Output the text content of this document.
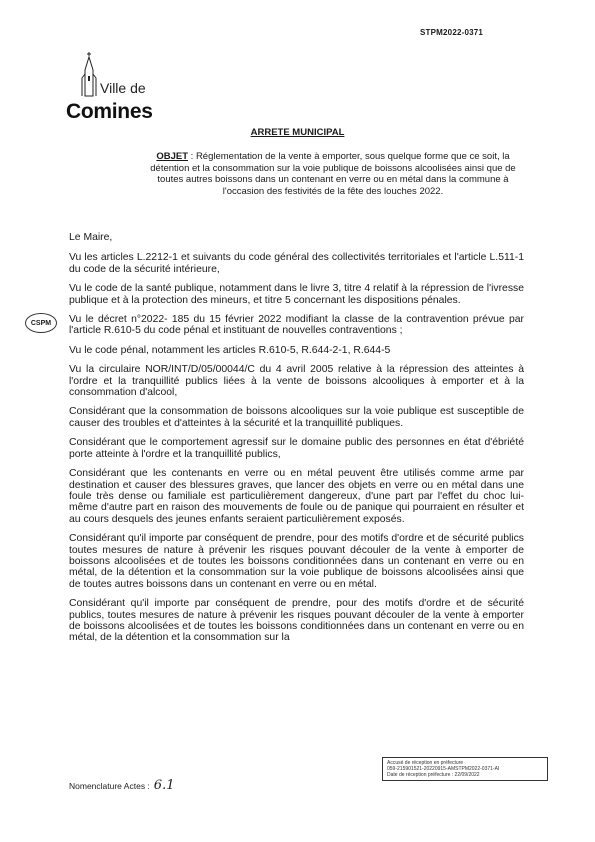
STPM2022-0371
Ville de
Comines
ARRETE MUNICIPAL
OBJET : Réglementation de la vente à emporter, sous quelque forme que ce soit, la détention et la consommation sur la voie publique de boissons alcoolisées ainsi que de toutes autres boissons dans un contenant en verre ou en métal dans la commune à l'occasion des festivités de la fête des louches 2022.
CSPM

Le Maire,

Vu les articles L.2212-1 et suivants du code général des collectivités territoriales et l'article L.511-1 du code de la sécurité intérieure,

Vu le code de la santé publique, notamment dans le livre 3, titre 4 relatif à la répression de l'ivresse publique et à la protection des mineurs, et titre 5 concernant les dispositions pénales.

Vu le décret n°2022- 185 du 15 février 2022 modifiant la classe de la contravention prévue par l'article R.610-5 du code pénal et instituant de nouvelles contraventions ;

Vu le code pénal, notamment les articles R.610-5, R.644-2-1, R.644-5

Vu la circulaire NOR/INT/D/05/00044/C du 4 avril 2005 relative à la répression des atteintes à l'ordre et la tranquillité publics liées à la vente de boissons alcooliques à emporter et à la consommation d'alcool,

Considérant que la consommation de boissons alcooliques sur la voie publique est susceptible de causer des troubles et d'atteintes à la sécurité et la tranquillité publiques.

Considérant que le comportement agressif sur le domaine public des personnes en état d'ébriété porte atteinte à l'ordre et la tranquillité publics,

Considérant que les contenants en verre ou en métal peuvent être utilisés comme arme par destination et causer des blessures graves, que lancer des objets en verre ou en métal dans une foule très dense ou familiale est particulièrement dangereux, d'une part par l'effet du choc lui-même d'autre part en raison des mouvements de foule ou de panique qui pourraient en résulter et au cours desquels des jeunes enfants seraient particulièrement exposés.

Considérant qu'il importe par conséquent de prendre, pour des motifs d'ordre et de sécurité publics toutes mesures de nature à prévenir les risques pouvant découler de la vente à emporter de boissons alcoolisées et de toutes les boissons conditionnées dans un contenant en verre ou en métal, de la détention et la consommation sur la voie publique de boissons alcoolisées ainsi que de toutes autres boissons dans un contenant en verre ou en métal.

Considérant qu'il importe par conséquent de prendre, pour des motifs d'ordre et de sécurité publics, toutes mesures de nature à prévenir les risques pouvant découler de la vente à emporter de boissons alcoolisées et de toutes les boissons conditionnées dans un contenant en verre ou en métal, de la détention et la consommation sur la

Nomenclature Actes : 6.1
Accusé de réception en préfecture
059-215901521-20220915-AMSTPM2022-0371-AI
Date de réception préfecture : 22/09/2022
